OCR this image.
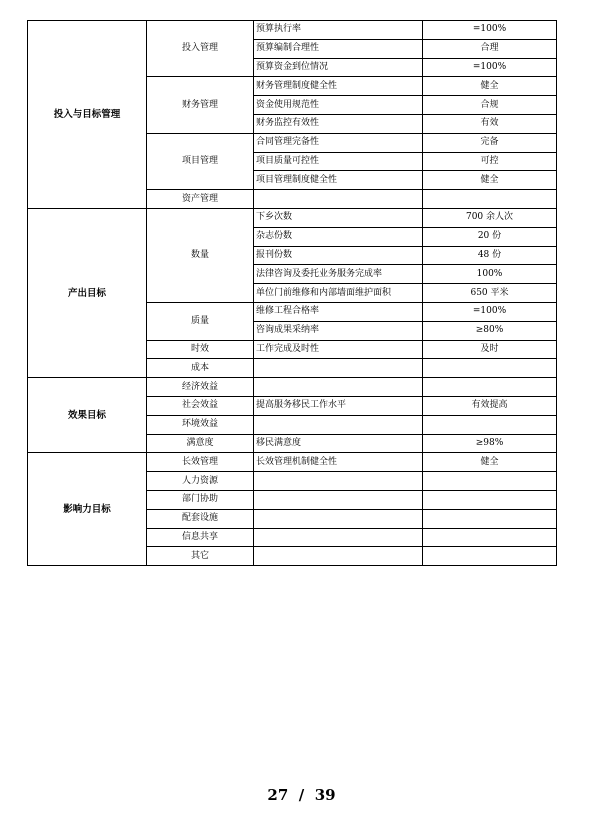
投入与目标管理	投入管理	预算执行率	=100%
		预算编制合理性	合理
		预算资金到位情况	=100%
	财务管理	财务管理制度健全性	健全
		资金使用规范性	合规
		财务监控有效性	有效
	项目管理	合同管理完备性	完备
		项目质量可控性	可控
		项目管理制度健全性	健全
	资产管理		
产出目标	数量	下乡次数	700 余人次
		杂志份数	20 份
		报刊份数	48 份
		法律咨询及委托业务服务完成率	100%
		单位门前维修和内部墙面维护面积	650 平米
	质量	维修工程合格率	=100%
		咨询成果采纳率	≥80%
	时效	工作完成及时性	及时
	成本		
效果目标	经济效益		
	社会效益	提高服务移民工作水平	有效提高
	环境效益		
	满意度	移民满意度	≥98%
影响力目标	长效管理	长效管理机制健全性	健全
	人力资源		
	部门协助		
	配套设施		
	信息共享		
	其它		
27 / 39
